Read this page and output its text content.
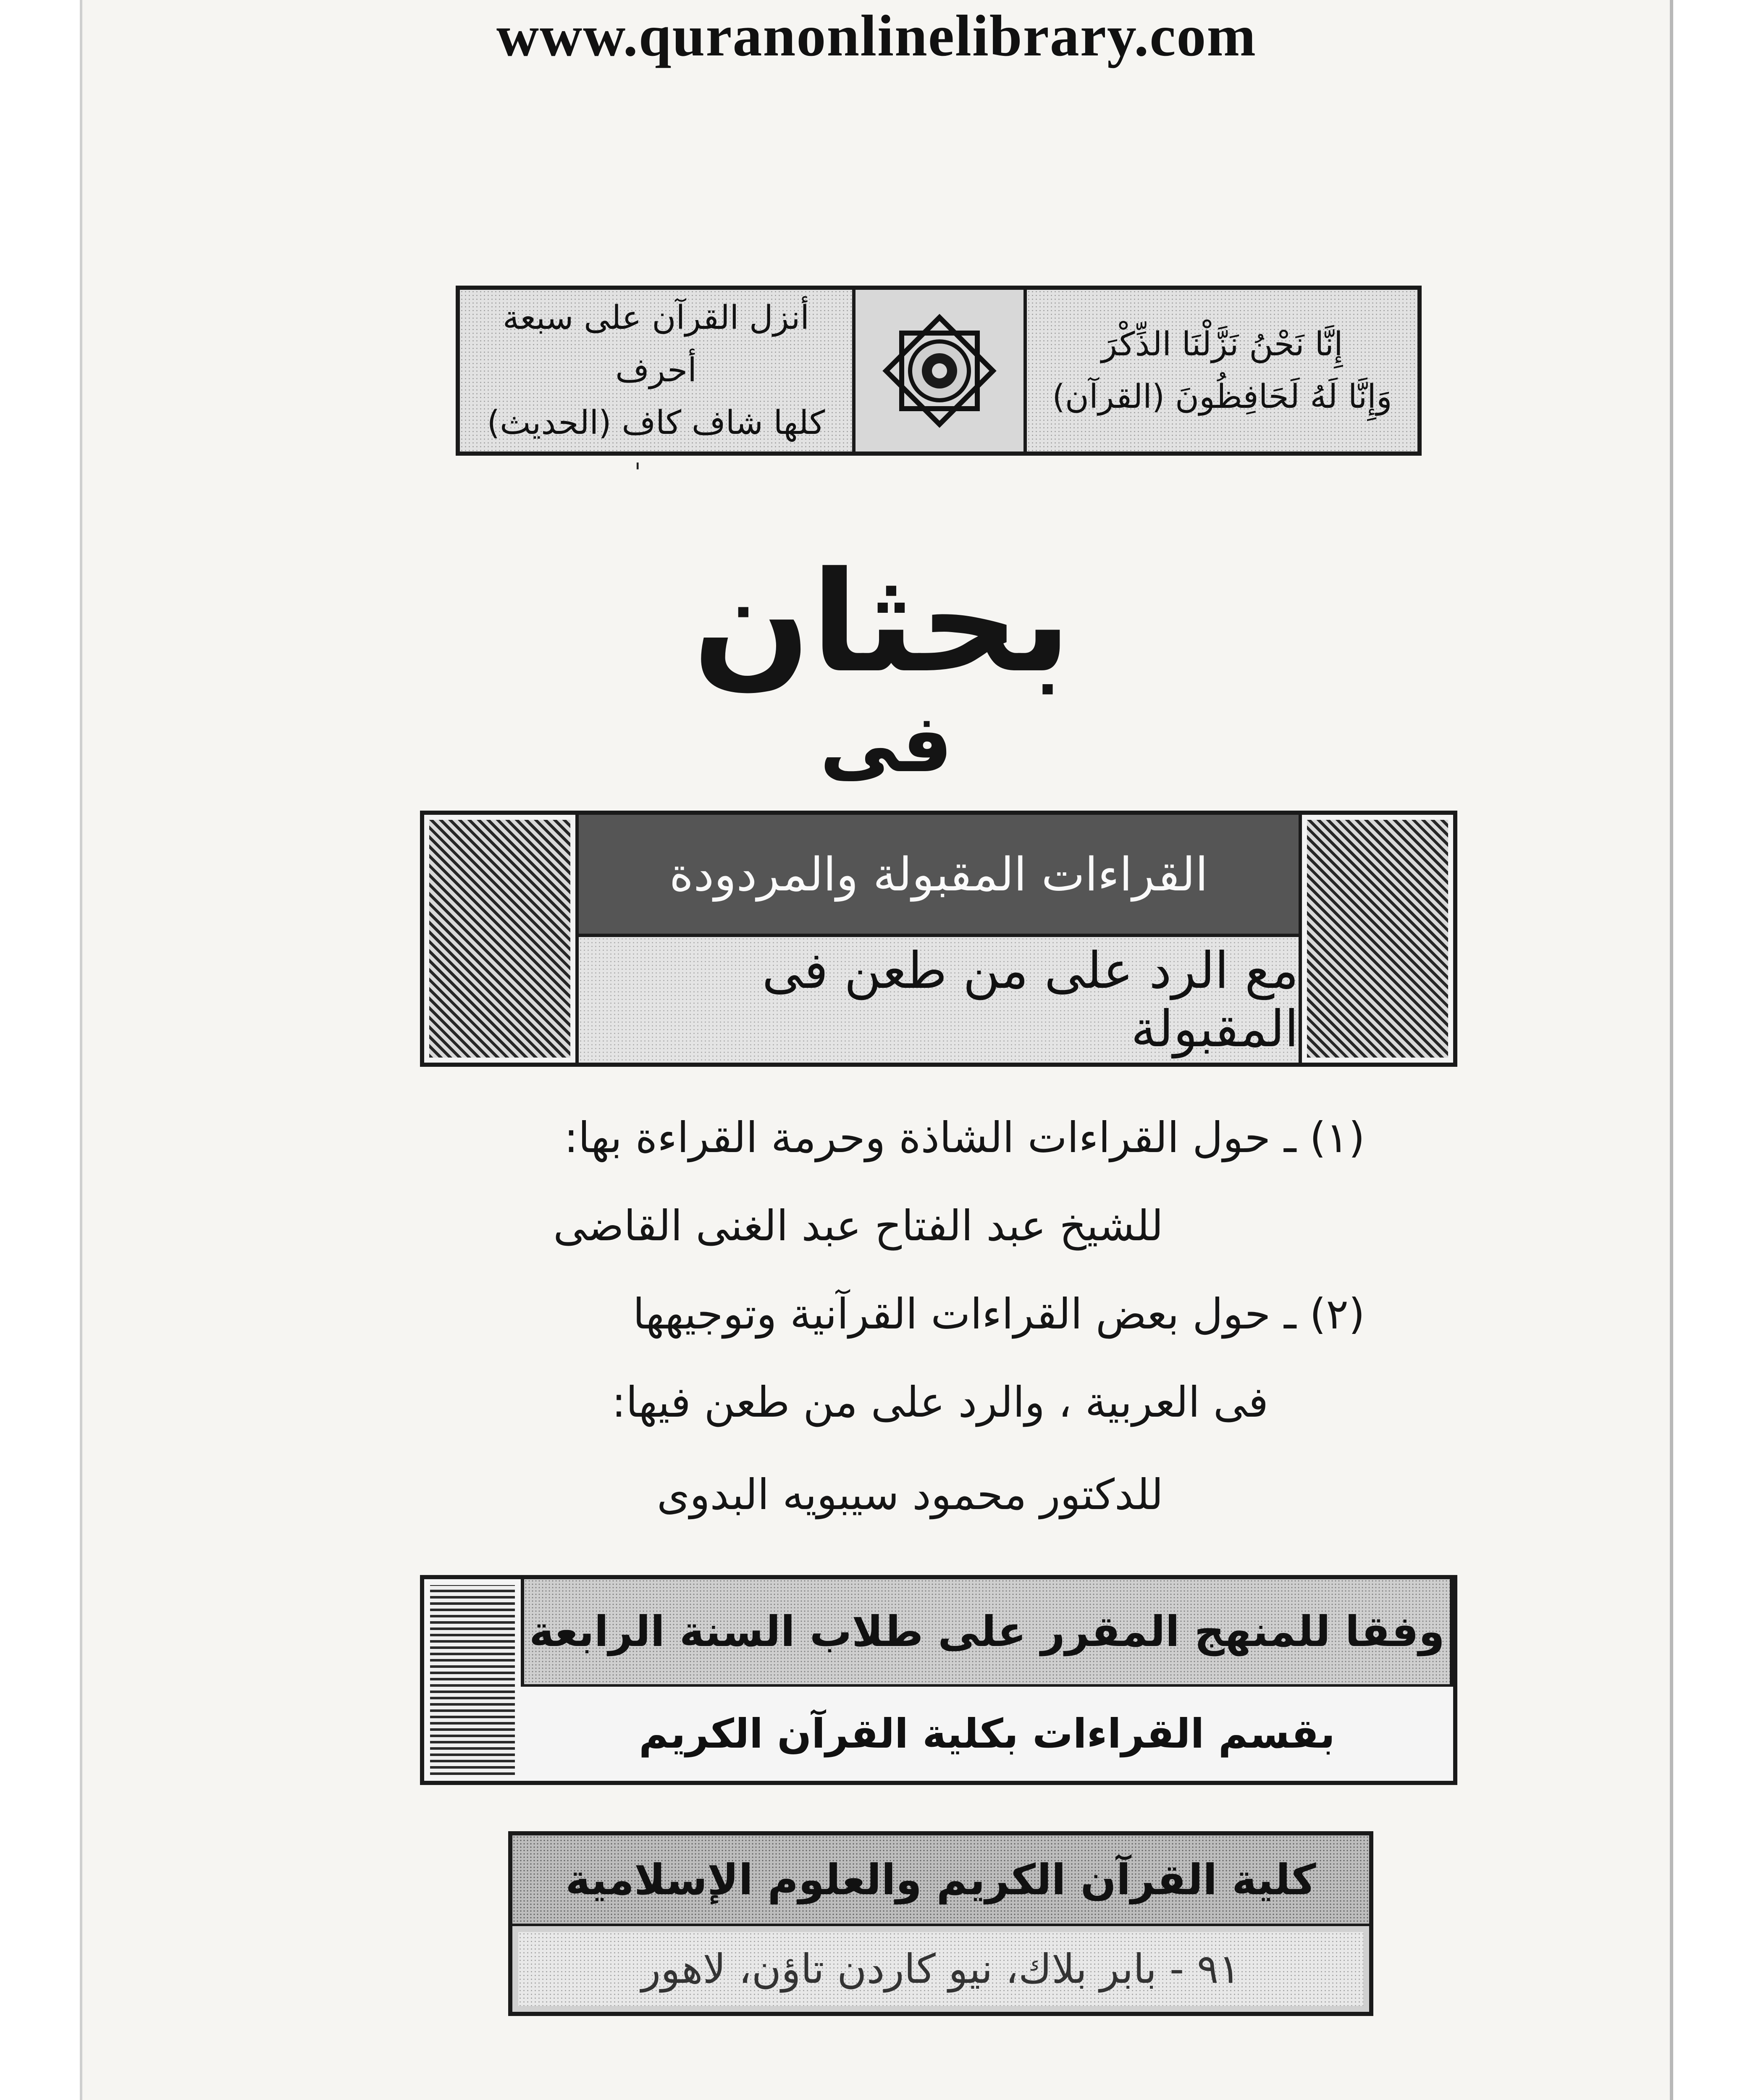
www.quranonlinelibrary.com
إِنَّا نَحْنُ نَزَّلْنَا الذِّكْرَ
وَإِنَّا لَهُ لَحَافِظُونَ (القرآن)
أنزل القرآن على سبعة أحرف
كلها شاف كاف (الحديث)
'
بحثان
فى
القراءات المقبولة والمردودة
مع الرد على من طعن فى المقبولة
(١) ـ حول القراءات الشاذة وحرمة القراءة بها:
للشيخ عبد الفتاح عبد الغنى القاضى
(٢) ـ حول بعض القراءات القرآنية وتوجيهها
فى العربية ، والرد على من طعن فيها:
للدكتور محمود سيبويه البدوى
وفقا للمنهج المقرر على طلاب السنة الرابعة
بقسم القراءات بكلية القرآن الكريم
كلية القرآن الكريم والعلوم الإسلامية
٩١ - بابر بلاك، نيو كاردن تاؤن، لاهور
